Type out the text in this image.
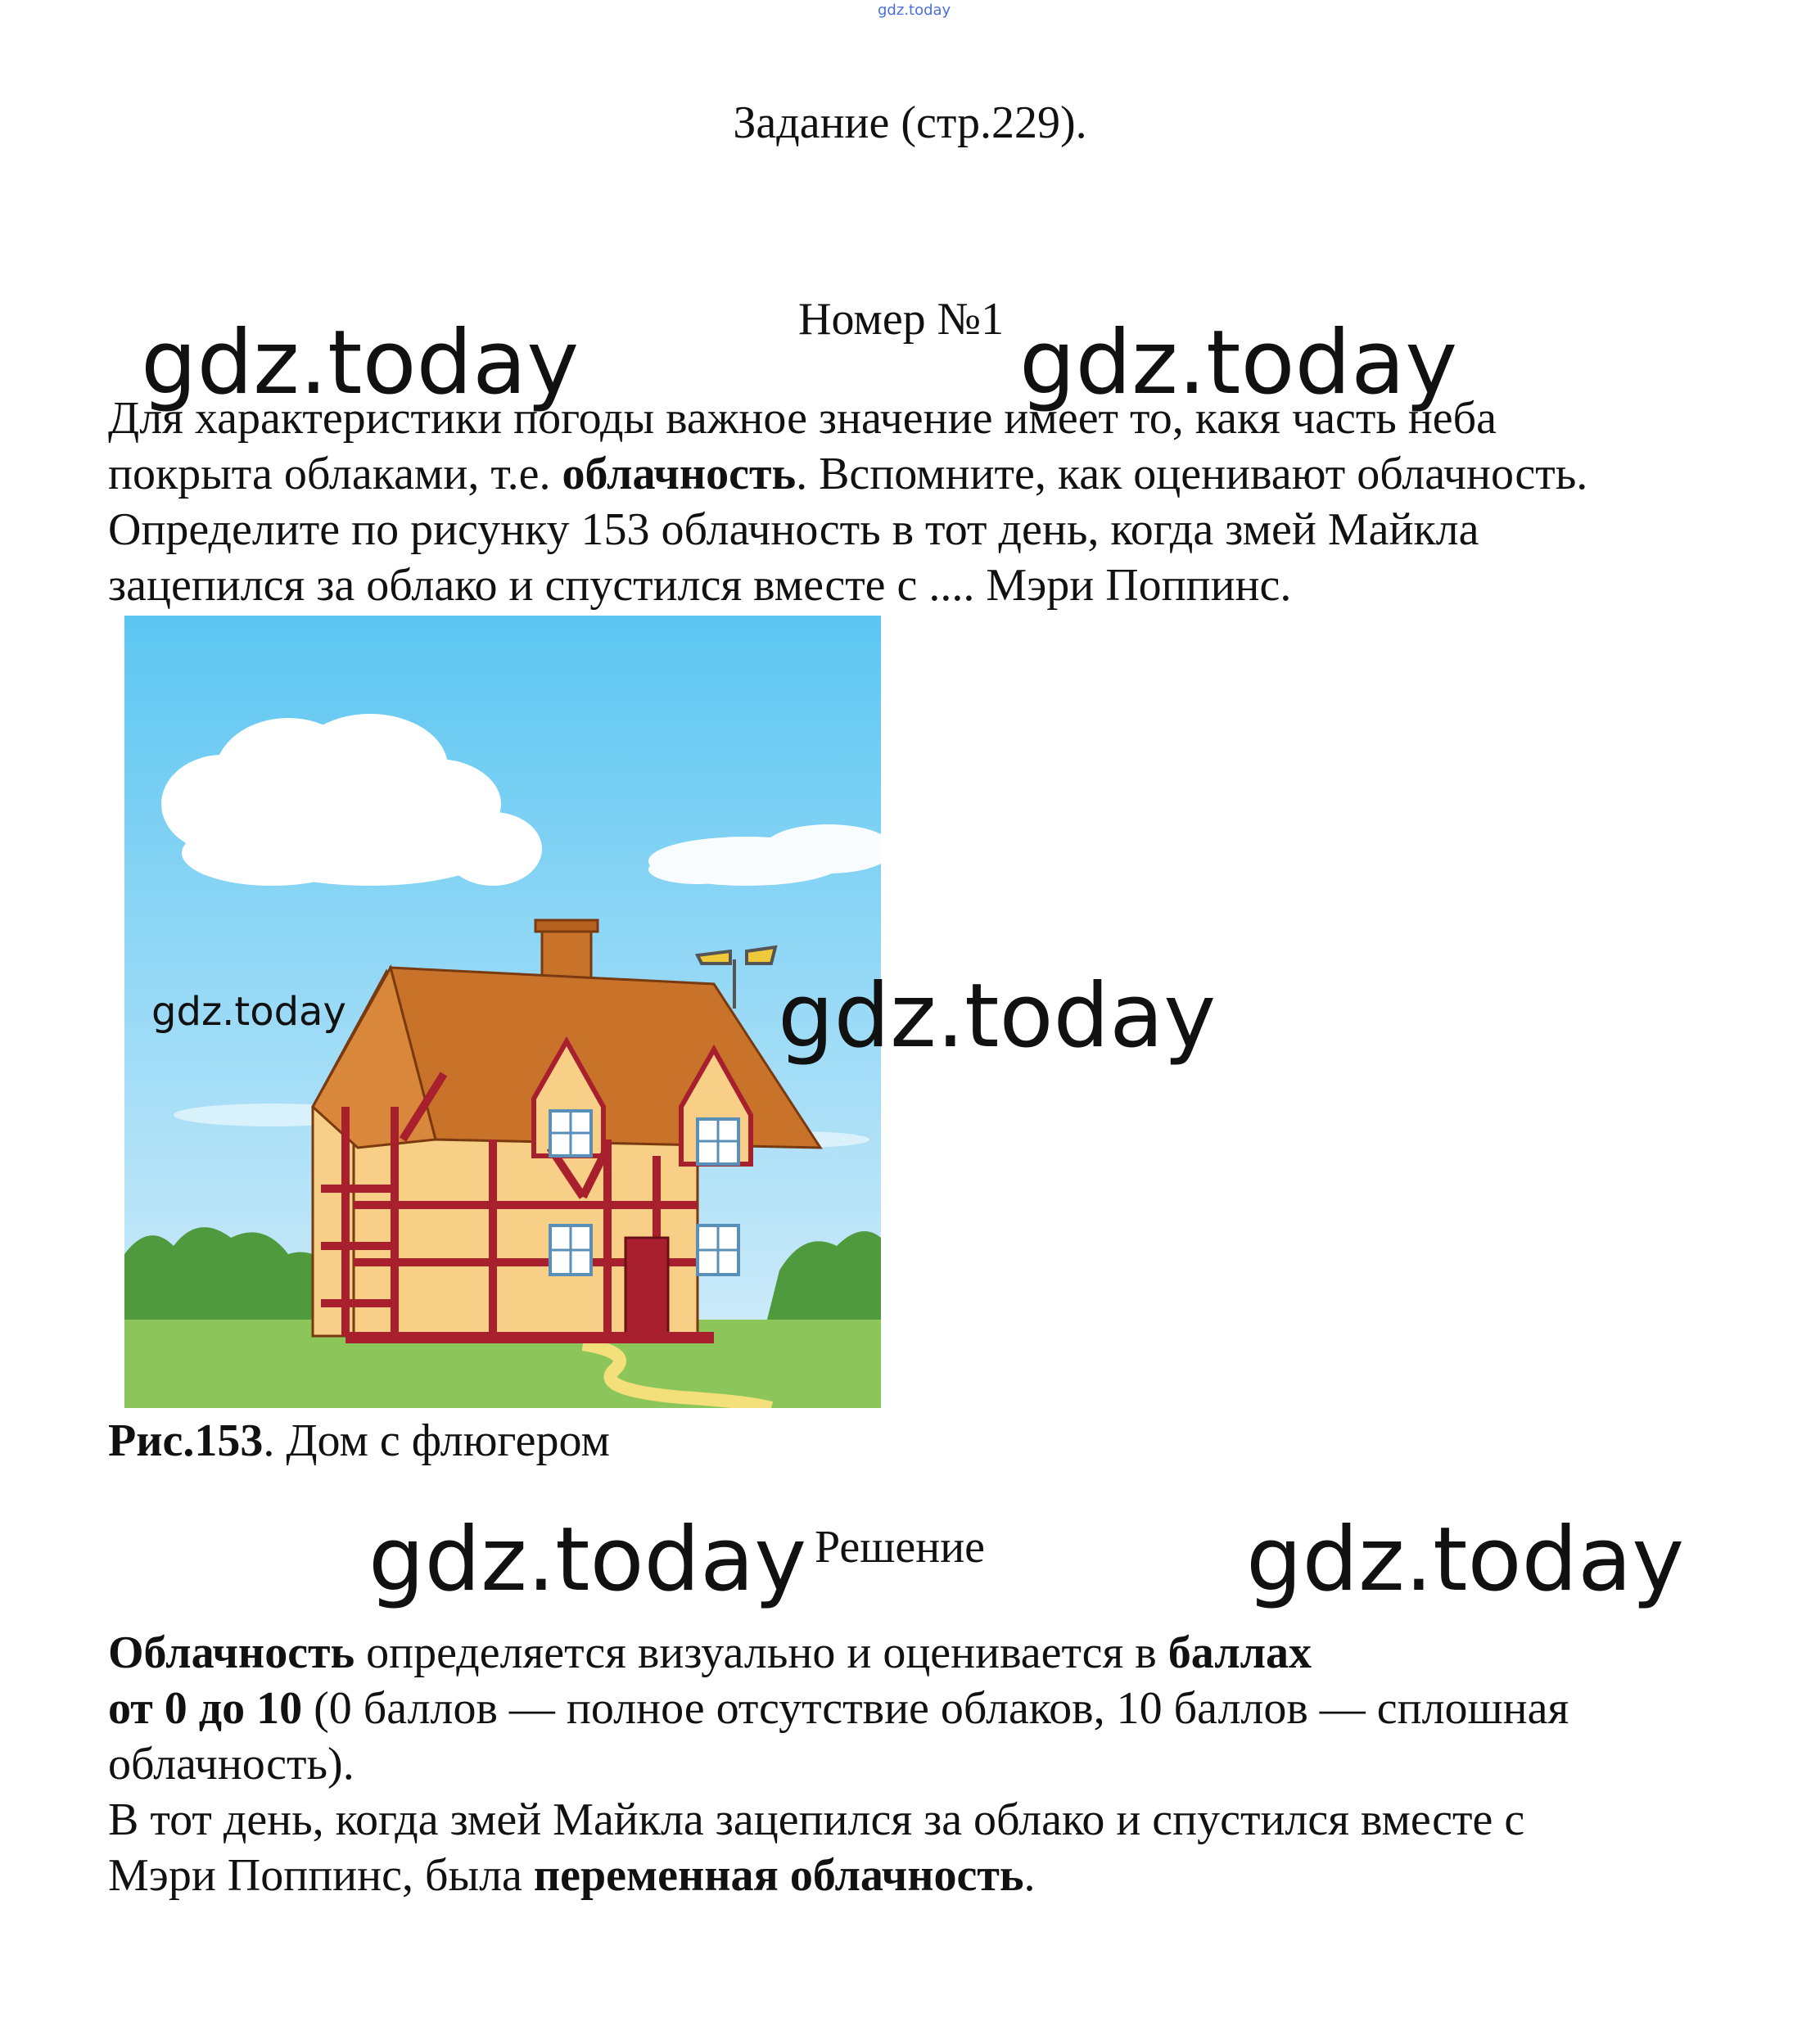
gdz.today
Задание (стр.229).
Номер №1
gdz.today	gdz.today
Для характеристики погоды важное значение имеет то, какя часть неба
покрыта облаками, т.е. облачность. Вспомните, как оценивают облачность.
Определите по рисунку 153 облачность в тот день, когда змей Майкла
зацепился за облако и спустился вместе с .... Мэри Поппинс.
gdz.today	gdz.today
Рис.153. Дом с флюгером
gdz.today Решение	gdz.today
Облачность определяется визуально и оценивается в баллах
от 0 до 10 (0 баллов — полное отсутствие облаков, 10 баллов — сплошная
облачность).
В тот день, когда змей Майкла зацепился за облако и спустился вместе с
Мэри Поппинс, была переменная облачность.
